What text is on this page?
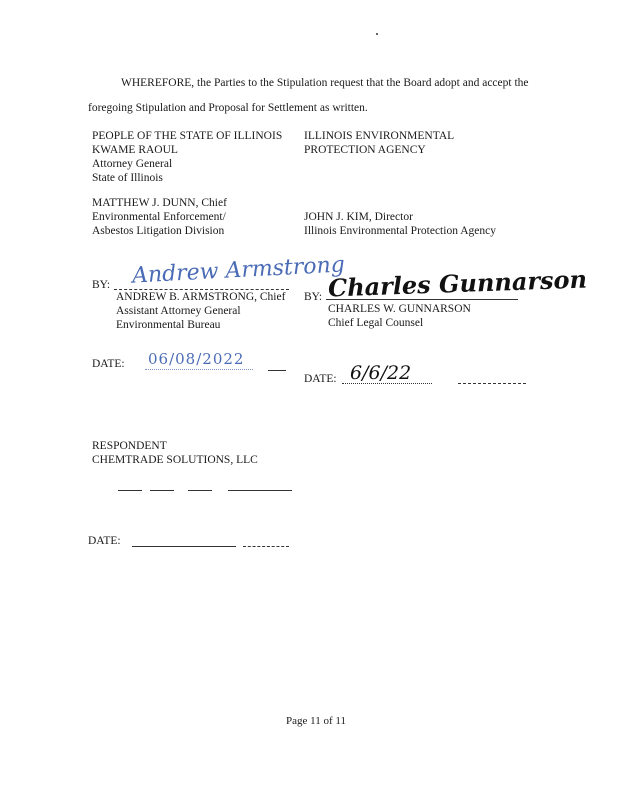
WHEREFORE, the Parties to the Stipulation request that the Board adopt and accept the
foregoing Stipulation and Proposal for Settlement as written.
PEOPLE OF THE STATE OF ILLINOIS
KWAME RAOUL
Attorney General
State of Illinois
MATTHEW J. DUNN, Chief
Environmental Enforcement/
Asbestos Litigation Division
BY: Andrew Armstrong
ANDREW B. ARMSTRONG, Chief
Assistant Attorney General
Environmental Bureau
DATE: 06/08/2022
ILLINOIS ENVIRONMENTAL
PROTECTION AGENCY
JOHN J. KIM, Director
Illinois Environmental Protection Agency
BY: Charles Gunnarson
CHARLES W. GUNNARSON
Chief Legal Counsel
DATE: 6/6/22
RESPONDENT
CHEMTRADE SOLUTIONS, LLC
DATE:
Page 11 of 11
